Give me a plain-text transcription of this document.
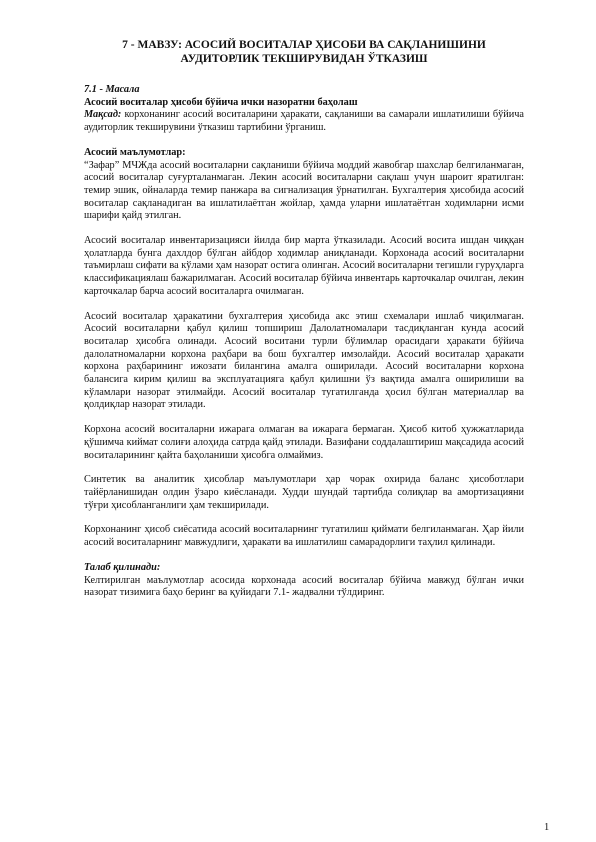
7 - МАВЗУ: АСОСИЙ ВОСИТАЛАР ҲИСОБИ ВА САҚЛАНИШИНИ
АУДИТОРЛИК ТЕКШИРУВИДАН ЎТКАЗИШ

7.1 - Масала

Асосий воситалар ҳисоби бўйича ички назоратни баҳолаш

Мақсад: корхонанинг асосий воситаларини ҳаракати, сақланиши ва самарали ишлатилиши бўйича аудиторлик текширувини ўтказиш тартибини ўрганиш.

Асосий маълумотлар:

“Зафар” МЧЖда асосий воситаларни сақланиши бўйича моддий жавобгар шахслар белгиланмаган, асосий воситалар суғурталанмаган. Лекин асосий воситаларни сақлаш учун шароит яратилган: темир эшик, ойналарда темир панжара ва сигнализация ўрнатилган. Бухгалтерия ҳисобида асосий воситалар сақланадиган ва ишлатилаётган жойлар, ҳамда уларни ишлатаётган ходимларни исми шарифи қайд этилган.

Асосий воситалар инвентаризацияси йилда бир марта ўтказилади. Асосий восита ишдан чиққан ҳолатларда бунга дахлдор бўлган айбдор ходимлар аниқланади. Корхонада асосий воситаларни таъмирлаш сифати ва кўлами ҳам назорат остига олинган. Асосий воситаларни тегишли гуруҳларга классификациялаш бажарилмаган. Асосий воситалар бўйича инвентарь карточкалар очилган, лекин карточкалар барча асосий воситаларга очилмаган.

Асосий воситалар ҳаракатини бухгалтерия ҳисобида акс этиш схемалари ишлаб чиқилмаган. Асосий воситаларни қабул қилиш топшириш Далолатномалари тасдиқланган кунда асосий воситалар ҳисобга олинади. Асосий воситани турли бўлимлар орасидаги ҳаракати бўйича далолатномаларни корхона раҳбари ва бош бухгалтер имзолайди. Асосий воситалар ҳаракати корхона раҳбарининг ижозати билангина амалга оширилади. Асосий воситаларни корхона балансига кирим қилиш ва эксплуатацияга қабул қилишни ўз вақтида амалга оширилиши ва кўламлари назорат этилмайди. Асосий воситалар тугатилганда ҳосил бўлган материаллар ва қолдиқлар назорат этилади.

Корхона асосий воситаларни ижарага олмаган ва ижарага бермаган. Ҳисоб китоб ҳужжатларида қўшимча киймат солиғи алоҳида сатрда қайд этилади. Вазифани соддалаштириш мақсадида асосий воситаларининг қайта баҳоланиши ҳисобга олмаймиз.

Синтетик ва аналитик ҳисоблар маълумотлари ҳар чорак охирида баланс ҳисоботлари тайёрланишидан олдин ўзаро киёсланади. Худди шундай тартибда солиқлар ва амортизацияни тўғри ҳисобланганлиги ҳам текширилади.

Корхонанинг ҳисоб сиёсатида асосий воситаларнинг тугатилиш қиймати белгиланмаган. Ҳар йили асосий воситаларнинг мавжудлиги, ҳаракати ва ишлатилиш самарадорлиги таҳлил қилинади.

Талаб қилинади:

Келтирилган маълумотлар асосида корхонада асосий воситалар бўйича мавжуд бўлган ички назорат тизимига баҳо беринг ва қуйидаги 7.1- жадвални тўлдиринг.

1
